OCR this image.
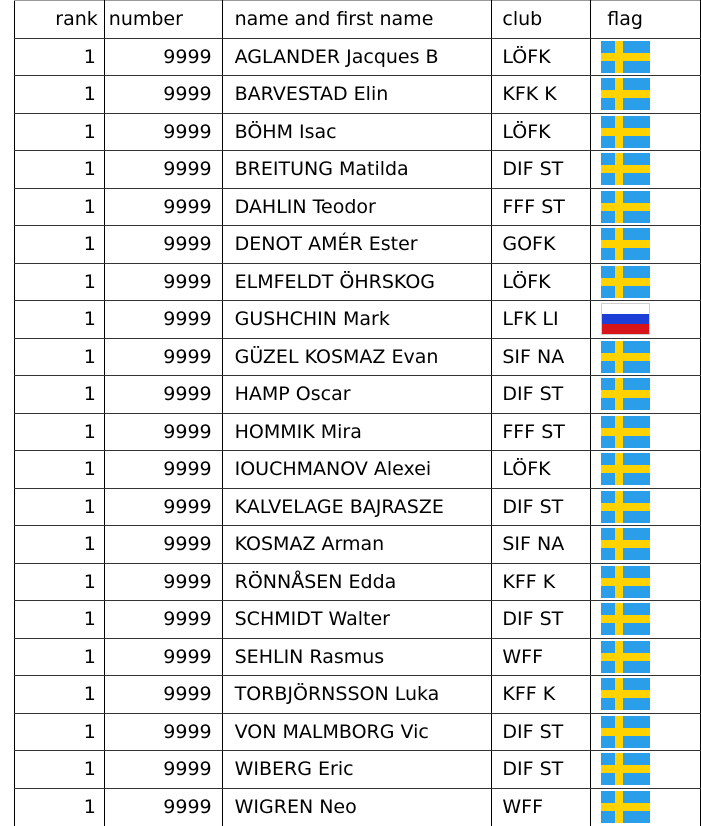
rank	number	name and first name	club	flag
1	9999	AGLANDER Jacques B	LÖFK	
1	9999	BARVESTAD Elin	KFK K	
1	9999	BÖHM Isac	LÖFK	
1	9999	BREITUNG Matilda	DIF ST	
1	9999	DAHLIN Teodor	FFF ST	
1	9999	DENOT AMÉR Ester	GOFK	
1	9999	ELMFELDT ÖHRSKOG	LÖFK	
1	9999	GUSHCHIN Mark	LFK LI	
1	9999	GÜZEL KOSMAZ Evan	SIF NA	
1	9999	HAMP Oscar	DIF ST	
1	9999	HOMMIK Mira	FFF ST	
1	9999	IOUCHMANOV Alexei	LÖFK	
1	9999	KALVELAGE BAJRASZE	DIF ST	
1	9999	KOSMAZ Arman	SIF NA	
1	9999	RÖNNÅSEN Edda	KFF K	
1	9999	SCHMIDT Walter	DIF ST	
1	9999	SEHLIN Rasmus	WFF	
1	9999	TORBJÖRNSSON Luka	KFF K	
1	9999	VON MALMBORG Vic	DIF ST	
1	9999	WIBERG Eric	DIF ST	
1	9999	WIGREN Neo	WFF	
